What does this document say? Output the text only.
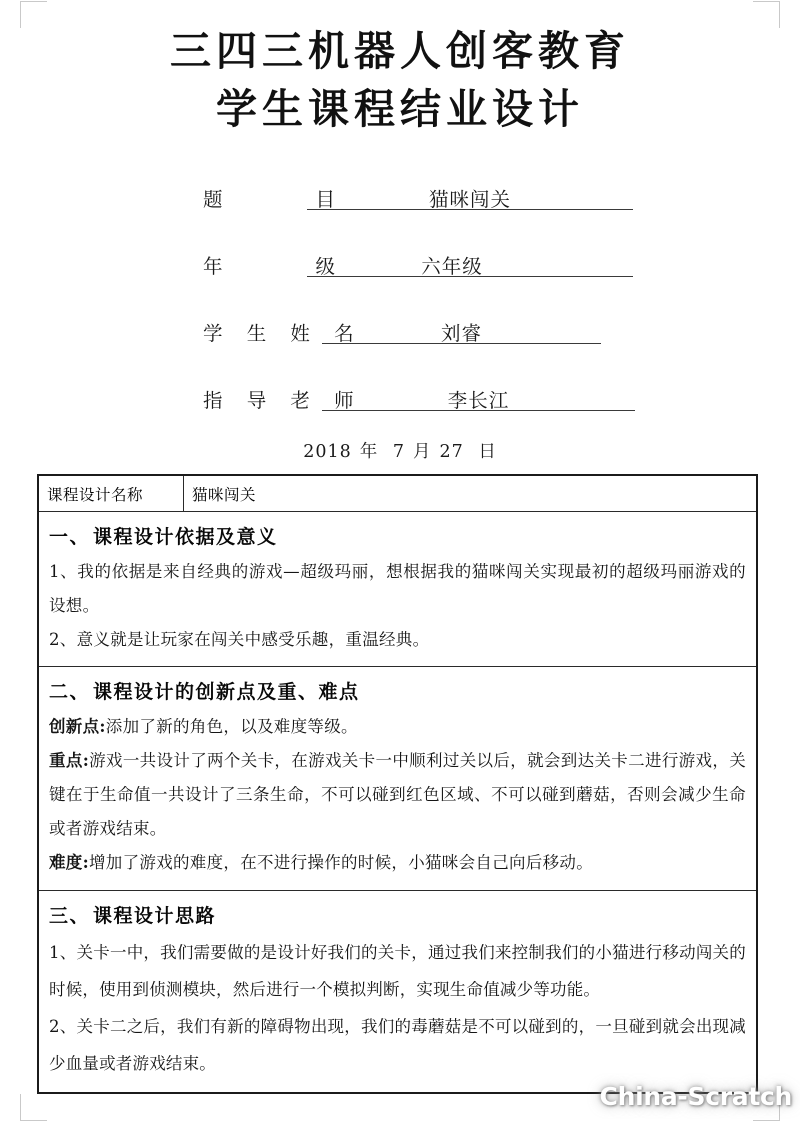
三四三机器人创客教育
学生课程结业设计
题	目	猫咪闯关
年	级	六年级
学 生 姓 名	刘睿
指 导 老 师	李长江
2018 年 7 月 27 日
课程设计名称	猫咪闯关

一、 课程设计依据及意义

1、我的依据是来自经典的游戏—超级玛丽，想根据我的猫咪闯关实现最初的超级玛丽游戏的设想。

2、意义就是让玩家在闯关中感受乐趣，重温经典。

二、 课程设计的创新点及重、难点

创新点:添加了新的角色，以及难度等级。

重点:游戏一共设计了两个关卡，在游戏关卡一中顺利过关以后，就会到达关卡二进行游戏，关键在于生命值一共设计了三条生命，不可以碰到红色区域、不可以碰到蘑菇，否则会减少生命或者游戏结束。

难度:增加了游戏的难度，在不进行操作的时候，小猫咪会自己向后移动。

三、 课程设计思路

1、关卡一中，我们需要做的是设计好我们的关卡，通过我们来控制我们的小猫进行移动闯关的时候，使用到侦测模块，然后进行一个模拟判断，实现生命值减少等功能。

2、关卡二之后，我们有新的障碍物出现，我们的毒蘑菇是不可以碰到的，一旦碰到就会出现减少血量或者游戏结束。

China-Scratch
